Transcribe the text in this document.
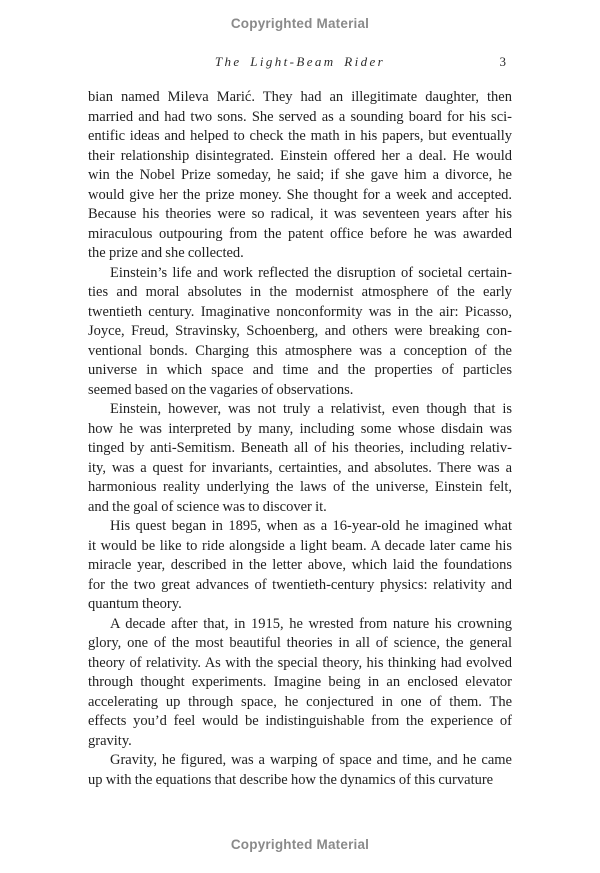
Copyrighted Material
The Light-Beam Rider	3
bian named Mileva Marić. They had an illegitimate daughter, then
married and had two sons. She served as a sounding board for his sci-
entific ideas and helped to check the math in his papers, but eventually
their relationship disintegrated. Einstein offered her a deal. He would
win the Nobel Prize someday, he said; if she gave him a divorce, he
would give her the prize money. She thought for a week and accepted.
Because his theories were so radical, it was seventeen years after his
miraculous outpouring from the patent office before he was awarded
the prize and she collected.
Einstein’s life and work reflected the disruption of societal certain-
ties and moral absolutes in the modernist atmosphere of the early
twentieth century. Imaginative nonconformity was in the air: Picasso,
Joyce, Freud, Stravinsky, Schoenberg, and others were breaking con-
ventional bonds. Charging this atmosphere was a conception of the
universe in which space and time and the properties of particles
seemed based on the vagaries of observations.
Einstein, however, was not truly a relativist, even though that is
how he was interpreted by many, including some whose disdain was
tinged by anti-Semitism. Beneath all of his theories, including relativ-
ity, was a quest for invariants, certainties, and absolutes. There was a
harmonious reality underlying the laws of the universe, Einstein felt,
and the goal of science was to discover it.
His quest began in 1895, when as a 16-year-old he imagined what
it would be like to ride alongside a light beam. A decade later came his
miracle year, described in the letter above, which laid the foundations
for the two great advances of twentieth-century physics: relativity and
quantum theory.
A decade after that, in 1915, he wrested from nature his crowning
glory, one of the most beautiful theories in all of science, the general
theory of relativity. As with the special theory, his thinking had evolved
through thought experiments. Imagine being in an enclosed elevator
accelerating up through space, he conjectured in one of them. The
effects you’d feel would be indistinguishable from the experience of
gravity.
Gravity, he figured, was a warping of space and time, and he came
up with the equations that describe how the dynamics of this curvature
Copyrighted Material
